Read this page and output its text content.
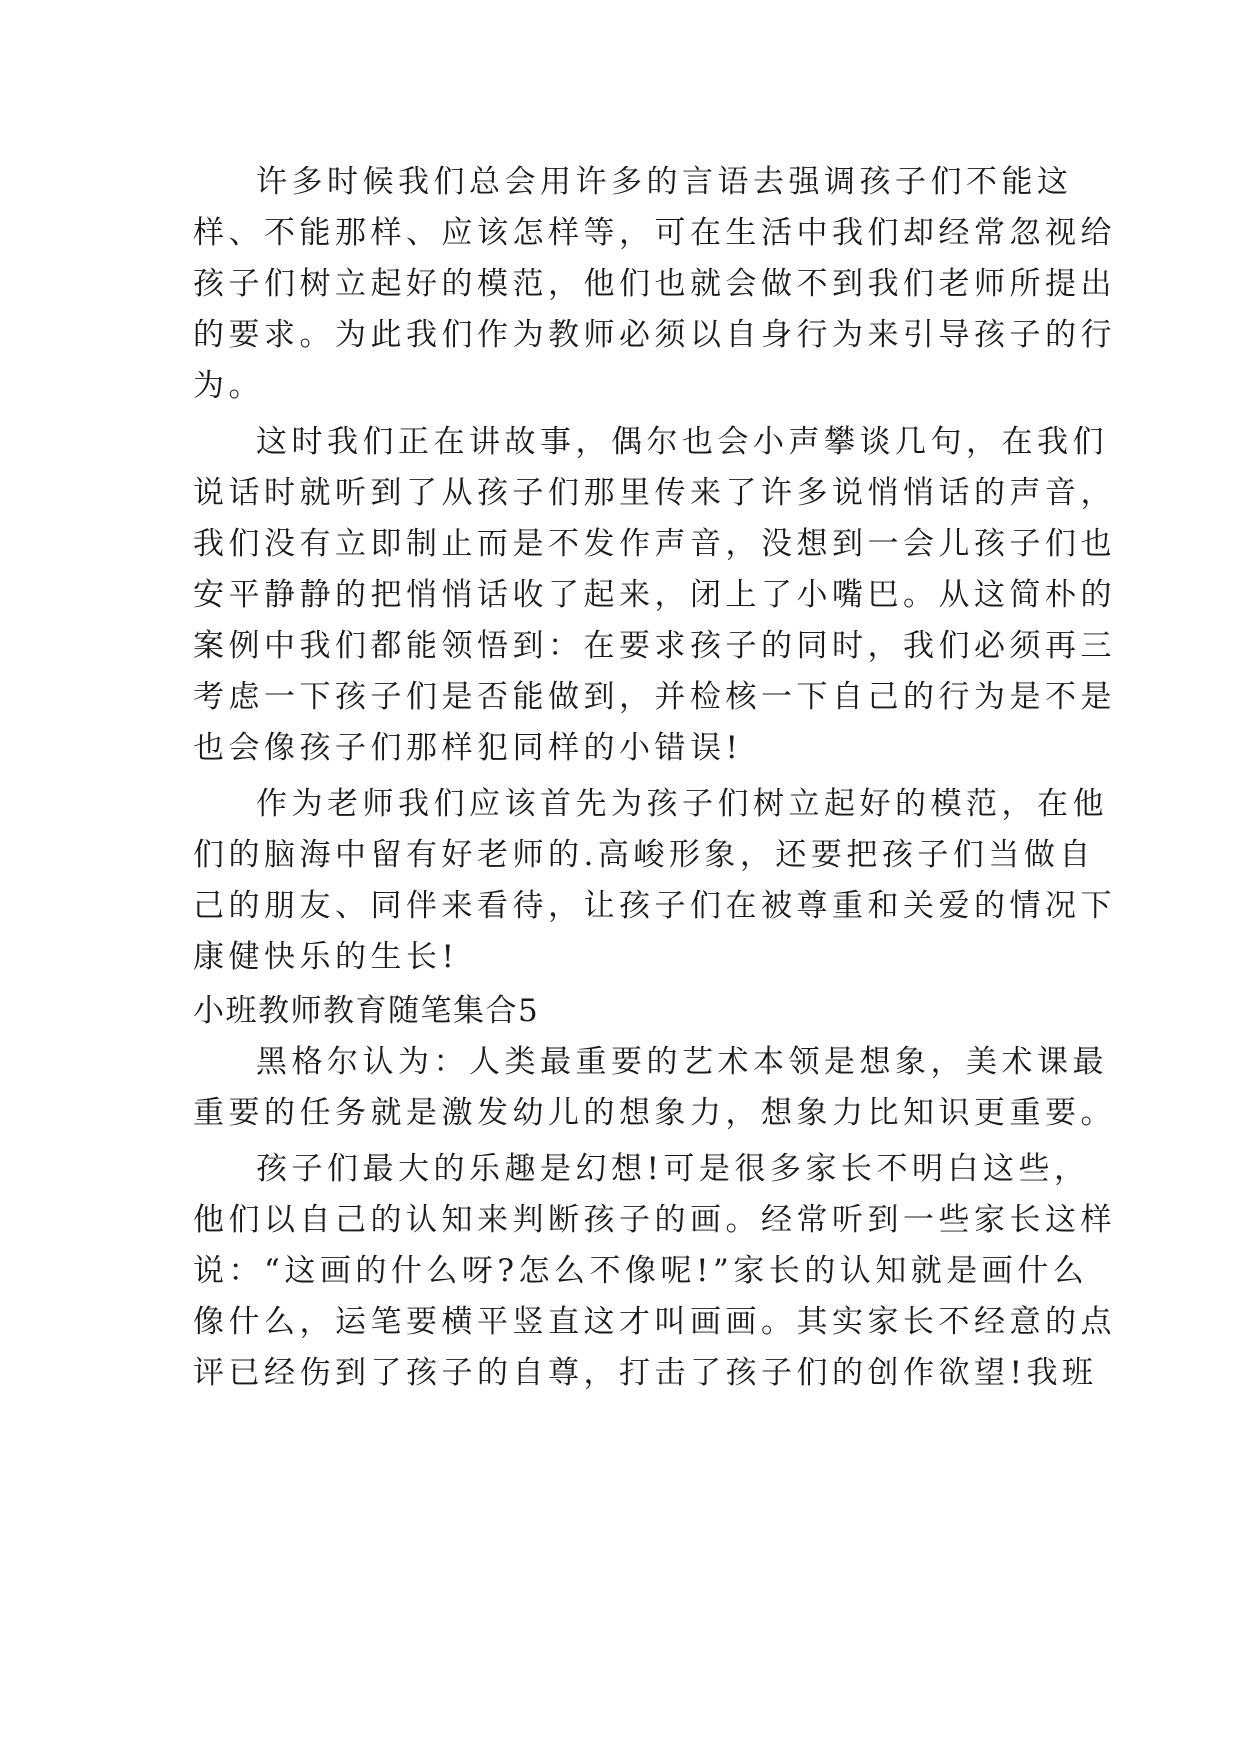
许多时候我们总会用许多的言语去强调孩子们不能这
样、不能那样、应该怎样等，可在生活中我们却经常忽视给
孩子们树立起好的模范，他们也就会做不到我们老师所提出
的要求。为此我们作为教师必须以自身行为来引导孩子的行
为。
这时我们正在讲故事，偶尔也会小声攀谈几句，在我们
说话时就听到了从孩子们那里传来了许多说悄悄话的声音，
我们没有立即制止而是不发作声音，没想到一会儿孩子们也
安平静静的把悄悄话收了起来，闭上了小嘴巴。从这简朴的
案例中我们都能领悟到：在要求孩子的同时，我们必须再三
考虑一下孩子们是否能做到，并检核一下自己的行为是不是
也会像孩子们那样犯同样的小错误!
作为老师我们应该首先为孩子们树立起好的模范，在他
们的脑海中留有好老师的.高峻形象，还要把孩子们当做自
己的朋友、同伴来看待，让孩子们在被尊重和关爱的情况下
康健快乐的生长!
小班教师教育随笔集合5
黑格尔认为：人类最重要的艺术本领是想象，美术课最
重要的任务就是激发幼儿的想象力，想象力比知识更重要。
孩子们最大的乐趣是幻想!可是很多家长不明白这些，
他们以自己的认知来判断孩子的画。经常听到一些家长这样
说：“这画的什么呀?怎么不像呢!”家长的认知就是画什么
像什么，运笔要横平竖直这才叫画画。其实家长不经意的点
评已经伤到了孩子的自尊，打击了孩子们的创作欲望!我班
